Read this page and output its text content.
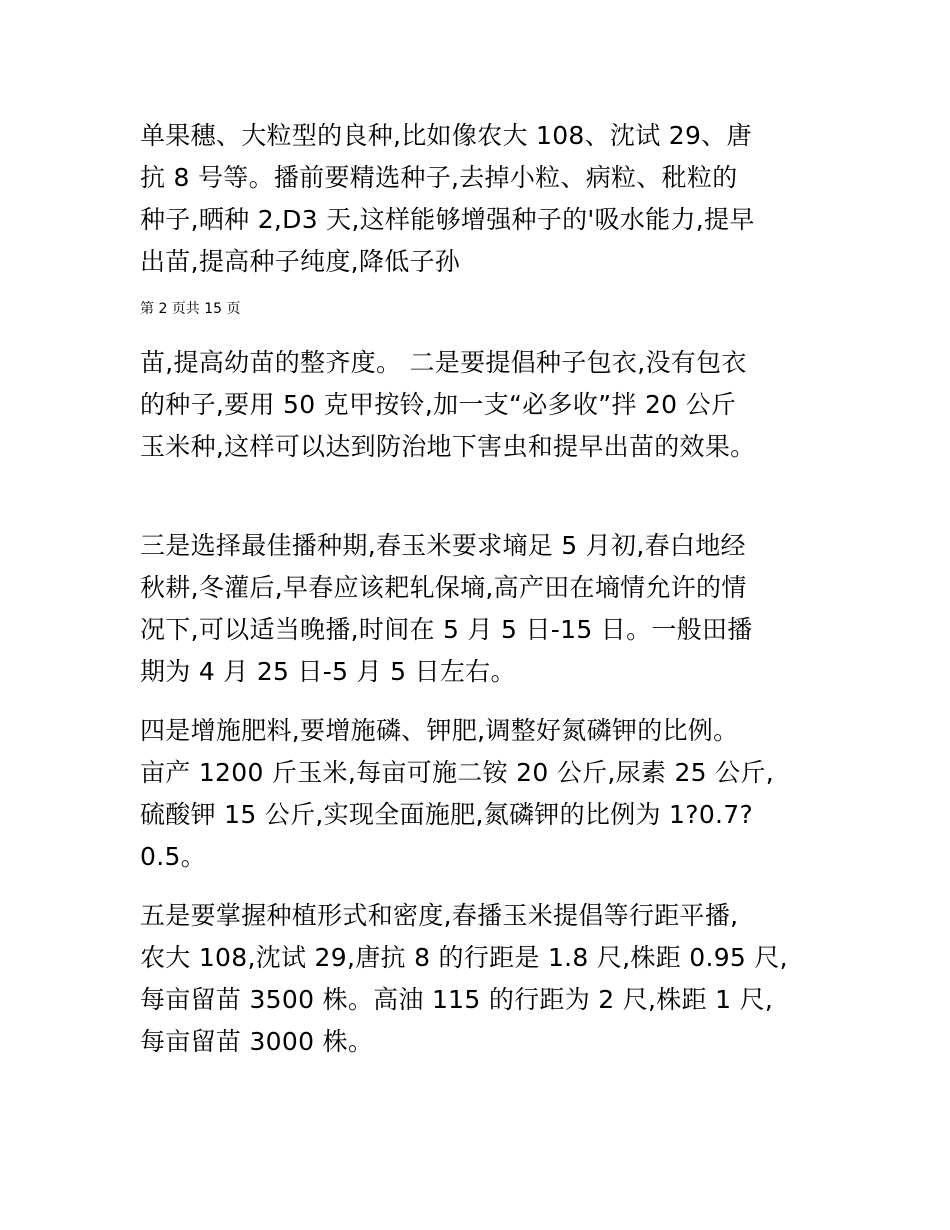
单果穗、大粒型的良种,比如像农大 108、沈试 29、唐
抗 8 号等。播前要精选种子,去掉小粒、病粒、秕粒的
种子,晒种 2,D3 天,这样能够增强种子的'吸水能力,提早
出苗,提高种子纯度,降低子孙

第 2 页共 15 页

苗,提高幼苗的整齐度。 二是要提倡种子包衣,没有包衣
的种子,要用 50 克甲按铃,加一支“必多收”拌 20 公斤
玉米种,这样可以达到防治地下害虫和提早出苗的效果。

三是选择最佳播种期,春玉米要求墒足 5 月初,春白地经
秋耕,冬灌后,早春应该耙轧保墒,高产田在墒情允许的情
况下,可以适当晚播,时间在 5 月 5 日-15 日。一般田播
期为 4 月 25 日-5 月 5 日左右。

四是增施肥料,要增施磷、钾肥,调整好氮磷钾的比例。
亩产 1200 斤玉米,每亩可施二铵 20 公斤,尿素 25 公斤,
硫酸钾 15 公斤,实现全面施肥,氮磷钾的比例为 1?0.7?
0.5。

五是要掌握种植形式和密度,春播玉米提倡等行距平播,
农大 108,沈试 29,唐抗 8 的行距是 1.8 尺,株距 0.95 尺,
每亩留苗 3500 株。高油 115 的行距为 2 尺,株距 1 尺,
每亩留苗 3000 株。
